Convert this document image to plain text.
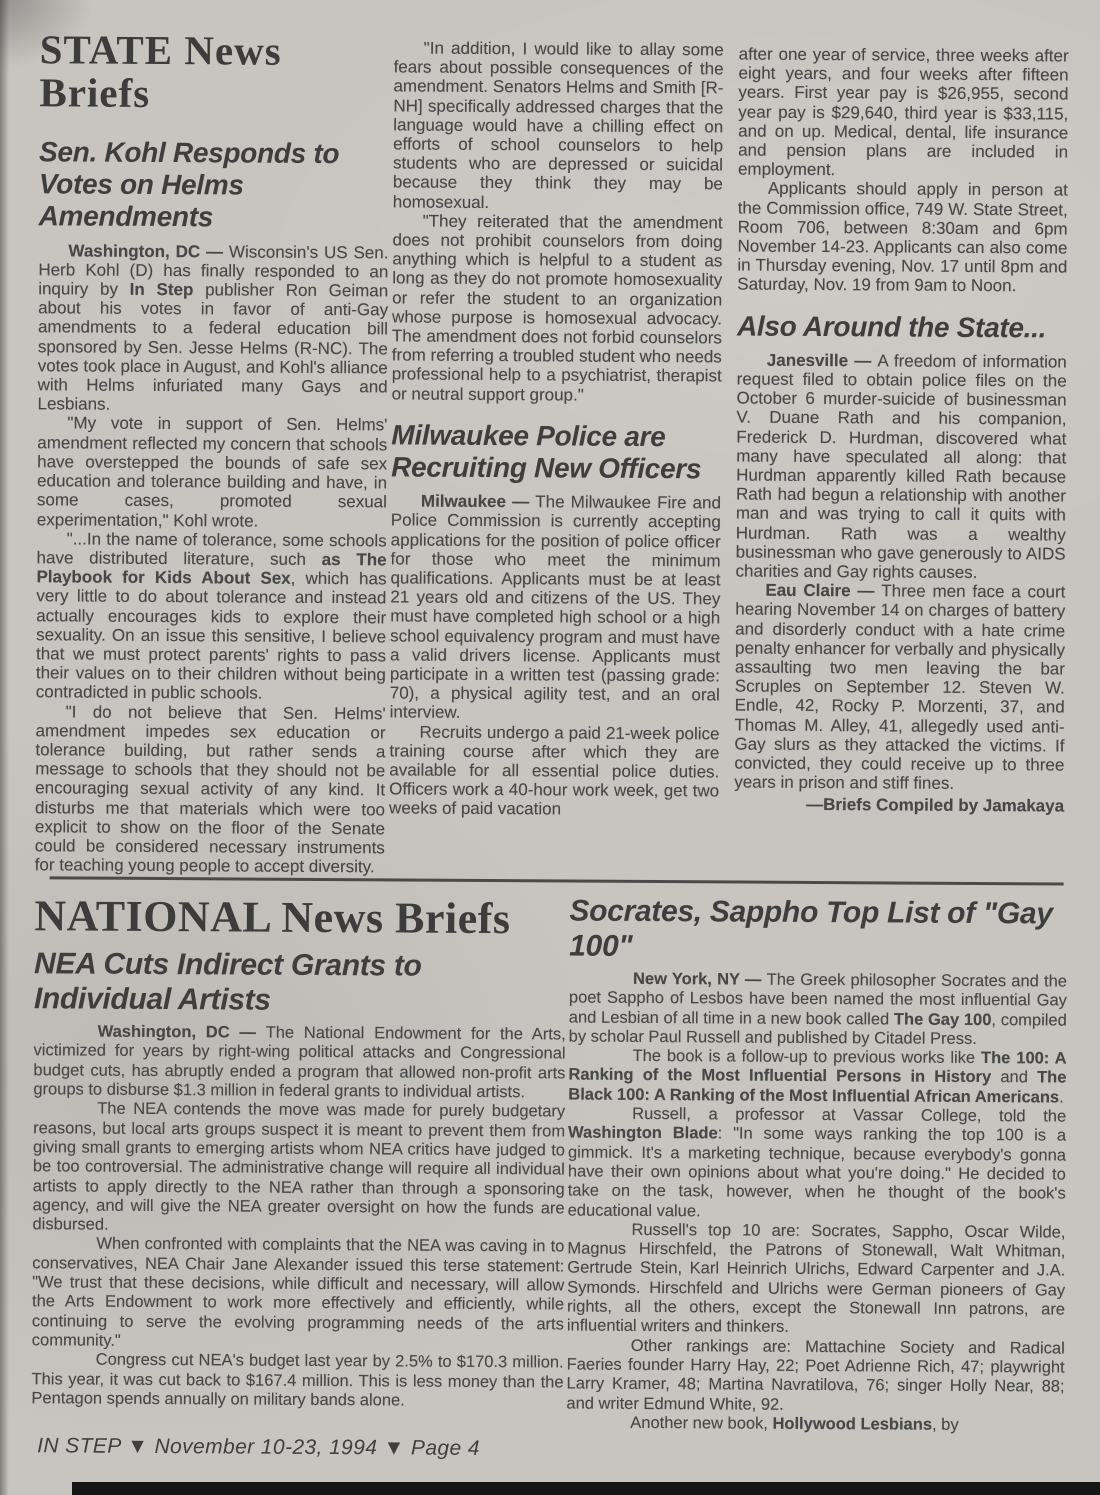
STATE News Briefs
Sen. Kohl Responds to Votes on Helms Amendments

Washington, DC — Wisconsin's US Sen. Herb Kohl (D) has finally responded to an inquiry by In Step publisher Ron Geiman about his votes in favor of anti-Gay amendments to a federal education bill sponsored by Sen. Jesse Helms (R-NC). The votes took place in August, and Kohl's alliance with Helms infuriated many Gays and Lesbians.

"My vote in support of Sen. Helms' amendment reflected my concern that schools have overstepped the bounds of safe sex education and tolerance building and have, in some cases, promoted sexual experimentation," Kohl wrote.

"...In the name of tolerance, some schools have distributed literature, such as The Playbook for Kids About Sex, which has very little to do about tolerance and instead actually encourages kids to explore their sexuality. On an issue this sensitive, I believe that we must protect parents' rights to pass their values on to their children without being contradicted in public schools.

"I do not believe that Sen. Helms' amendment impedes sex education or tolerance building, but rather sends a message to schools that they should not be encouraging sexual activity of any kind. It disturbs me that materials which were too explicit to show on the floor of the Senate could be considered necessary instruments for teaching young people to accept diversity.

"In addition, I would like to allay some fears about possible consequences of the amendment. Senators Helms and Smith [R-NH] specifically addressed charges that the language would have a chilling effect on efforts of school counselors to help students who are depressed or suicidal because they think they may be homosexual.

"They reiterated that the amendment does not prohibit counselors from doing anything which is helpful to a student as long as they do not promote homosexuality or refer the student to an organization whose purpose is homosexual advocacy. The amendment does not forbid counselors from referring a troubled student who needs professional help to a psychiatrist, therapist or neutral support group."

Milwaukee Police are Recruiting New Officers

Milwaukee — The Milwaukee Fire and Police Commission is currently accepting applications for the position of police officer for those who meet the minimum qualifications. Applicants must be at least 21 years old and citizens of the US. They must have completed high school or a high school equivalency program and must have a valid drivers license. Applicants must participate in a written test (passing grade: 70), a physical agility test, and an oral interview.

Recruits undergo a paid 21-week police training course after which they are available for all essential police duties. Officers work a 40-hour work week, get two weeks of paid vacation

after one year of service, three weeks after eight years, and four weeks after fifteen years. First year pay is $26,955, second year pay is $29,640, third year is $33,115, and on up. Medical, dental, life insurance and pension plans are included in employment.

Applicants should apply in person at the Commission office, 749 W. State Street, Room 706, between 8:30am and 6pm November 14-23. Applicants can also come in Thursday evening, Nov. 17 until 8pm and Saturday, Nov. 19 from 9am to Noon.

Also Around the State...

Janesville — A freedom of information request filed to obtain police files on the October 6 murder-suicide of businessman V. Duane Rath and his companion, Frederick D. Hurdman, discovered what many have speculated all along: that Hurdman apparently killed Rath because Rath had begun a relationship with another man and was trying to call it quits with Hurdman. Rath was a wealthy businessman who gave generously to AIDS charities and Gay rights causes.

Eau Claire — Three men face a court hearing November 14 on charges of battery and disorderly conduct with a hate crime penalty enhancer for verbally and physically assaulting two men leaving the bar Scruples on September 12. Steven W. Endle, 42, Rocky P. Morzenti, 37, and Thomas M. Alley, 41, allegedly used anti-Gay slurs as they attacked the victims. If convicted, they could receive up to three years in prison and stiff fines.

—Briefs Compiled by Jamakaya

NATIONAL News Briefs
NEA Cuts Indirect Grants to Individual Artists

Washington, DC — The National Endowment for the Arts, victimized for years by right-wing political attacks and Congressional budget cuts, has abruptly ended a program that allowed non-profit arts groups to disburse $1.3 million in federal grants to individual artists.

The NEA contends the move was made for purely budgetary reasons, but local arts groups suspect it is meant to prevent them from giving small grants to emerging artists whom NEA critics have judged to be too controversial. The administrative change will require all individual artists to apply directly to the NEA rather than through a sponsoring agency, and will give the NEA greater oversight on how the funds are disbursed.

When confronted with complaints that the NEA was caving in to conservatives, NEA Chair Jane Alexander issued this terse statement: "We trust that these decisions, while difficult and necessary, will allow the Arts Endowment to work more effectively and efficiently, while continuing to serve the evolving programming needs of the arts community."

Congress cut NEA's budget last year by 2.5% to $170.3 million. This year, it was cut back to $167.4 million. This is less money than the Pentagon spends annually on military bands alone.

Socrates, Sappho Top List of "Gay 100"

New York, NY — The Greek philosopher Socrates and the poet Sappho of Lesbos have been named the most influential Gay and Lesbian of all time in a new book called The Gay 100, compiled by scholar Paul Russell and published by Citadel Press.

The book is a follow-up to previous works like The 100: A Ranking of the Most Influential Persons in History and The Black 100: A Ranking of the Most Influential African Americans.

Russell, a professor at Vassar College, told the Washington Blade: "In some ways ranking the top 100 is a gimmick. It's a marketing technique, because everybody's gonna have their own opinions about what you're doing." He decided to take on the task, however, when he thought of the book's educational value.

Russell's top 10 are: Socrates, Sappho, Oscar Wilde, Magnus Hirschfeld, the Patrons of Stonewall, Walt Whitman, Gertrude Stein, Karl Heinrich Ulrichs, Edward Carpenter and J.A. Symonds. Hirschfeld and Ulrichs were German pioneers of Gay rights, all the others, except the Stonewall Inn patrons, are influential writers and thinkers.

Other rankings are: Mattachine Society and Radical Faeries founder Harry Hay, 22; Poet Adrienne Rich, 47; playwright Larry Kramer, 48; Martina Navratilova, 76; singer Holly Near, 88; and writer Edmund White, 92.

Another new book, Hollywood Lesbians, by

IN STEP ▼ November 10-23, 1994 ▼ Page 4
